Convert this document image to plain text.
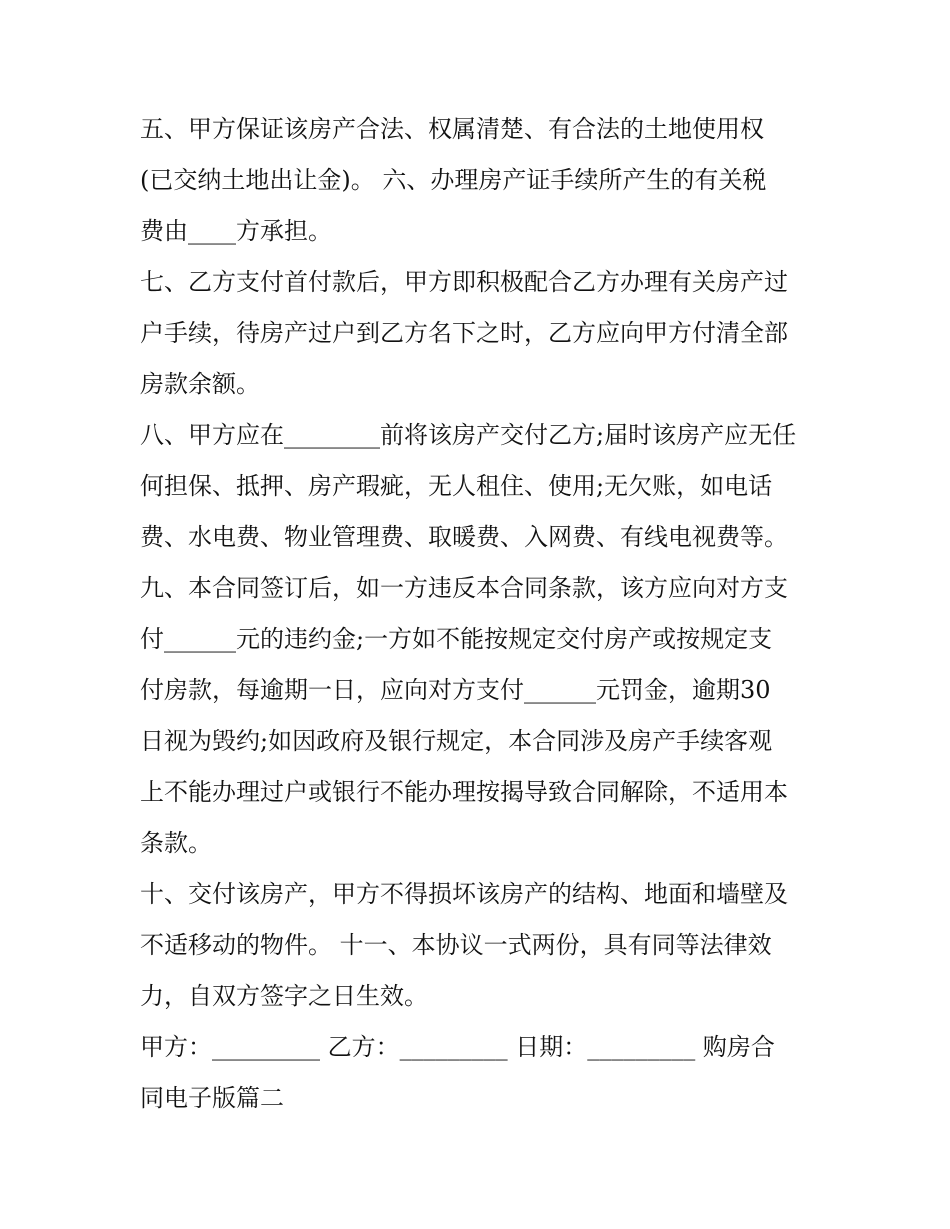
五、甲方保证该房产合法、权属清楚、有合法的土地使用权
(已交纳土地出让金)。 六、办理房产证手续所产生的有关税
费由____方承担。
七、乙方支付首付款后，甲方即积极配合乙方办理有关房产过
户手续，待房产过户到乙方名下之时，乙方应向甲方付清全部
房款余额。
八、甲方应在________前将该房产交付乙方;届时该房产应无任
何担保、抵押、房产瑕疵，无人租住、使用;无欠账，如电话
费、水电费、物业管理费、取暖费、入网费、有线电视费等。
九、本合同签订后，如一方违反本合同条款，该方应向对方支
付______元的违约金;一方如不能按规定交付房产或按规定支
付房款，每逾期一日，应向对方支付______元罚金，逾期30
日视为毁约;如因政府及银行规定，本合同涉及房产手续客观
上不能办理过户或银行不能办理按揭导致合同解除，不适用本
条款。
十、交付该房产，甲方不得损坏该房产的结构、地面和墙壁及
不适移动的物件。 十一、本协议一式两份，具有同等法律效
力，自双方签字之日生效。
甲方：_________ 乙方：_________ 日期：_________ 购房合
同电子版篇二
